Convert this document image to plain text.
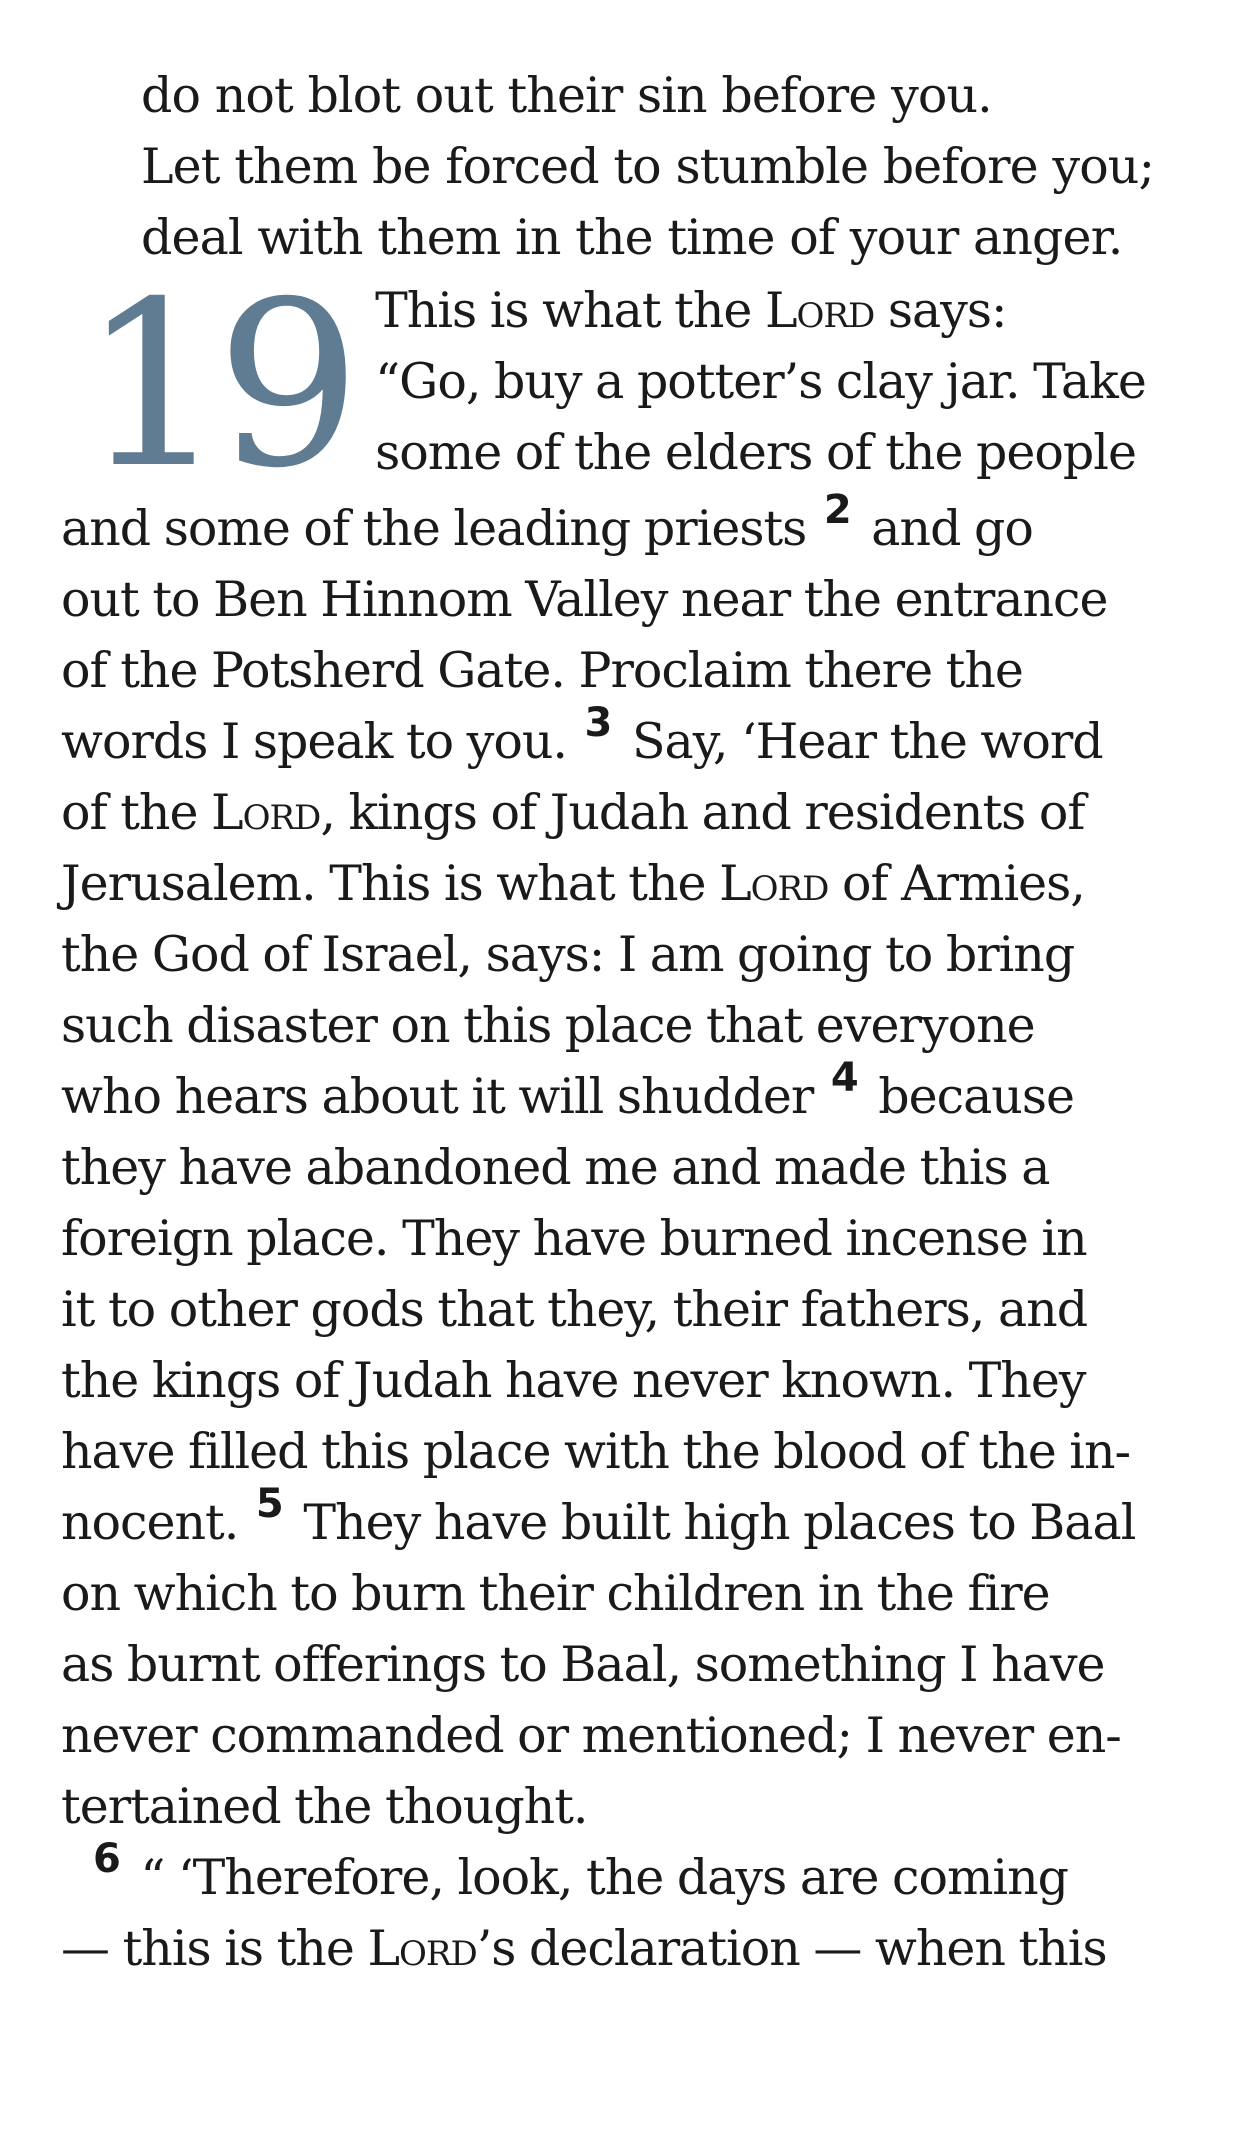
do not blot out their sin before you.
Let them be forced to stumble before you;
deal with them in the time of your anger.
19 This is what the Lord says:
“Go, buy a potter’s clay jar. Take
some of the elders of the people
and some of the leading priests $^2$ and go
out to Ben Hinnom Valley near the entrance
of the Potsherd Gate. Proclaim there the
words I speak to you. $^3$ Say, ‘Hear the word
of the Lord, kings of Judah and residents of
Jerusalem. This is what the Lord of Armies,
the God of Israel, says: I am going to bring
such disaster on this place that everyone
who hears about it will shudder $^4$ because
they have abandoned me and made this a
foreign place. They have burned incense in
it to other gods that they, their fathers, and
the kings of Judah have never known. They
have filled this place with the blood of the in-
nocent. $^5$ They have built high places to Baal
on which to burn their children in the fire
as burnt offerings to Baal, something I have
never commanded or mentioned; I never en-
tertained the thought.
$^6$ “ ‘Therefore, look, the days are coming
— this is the Lord’s declaration — when this
